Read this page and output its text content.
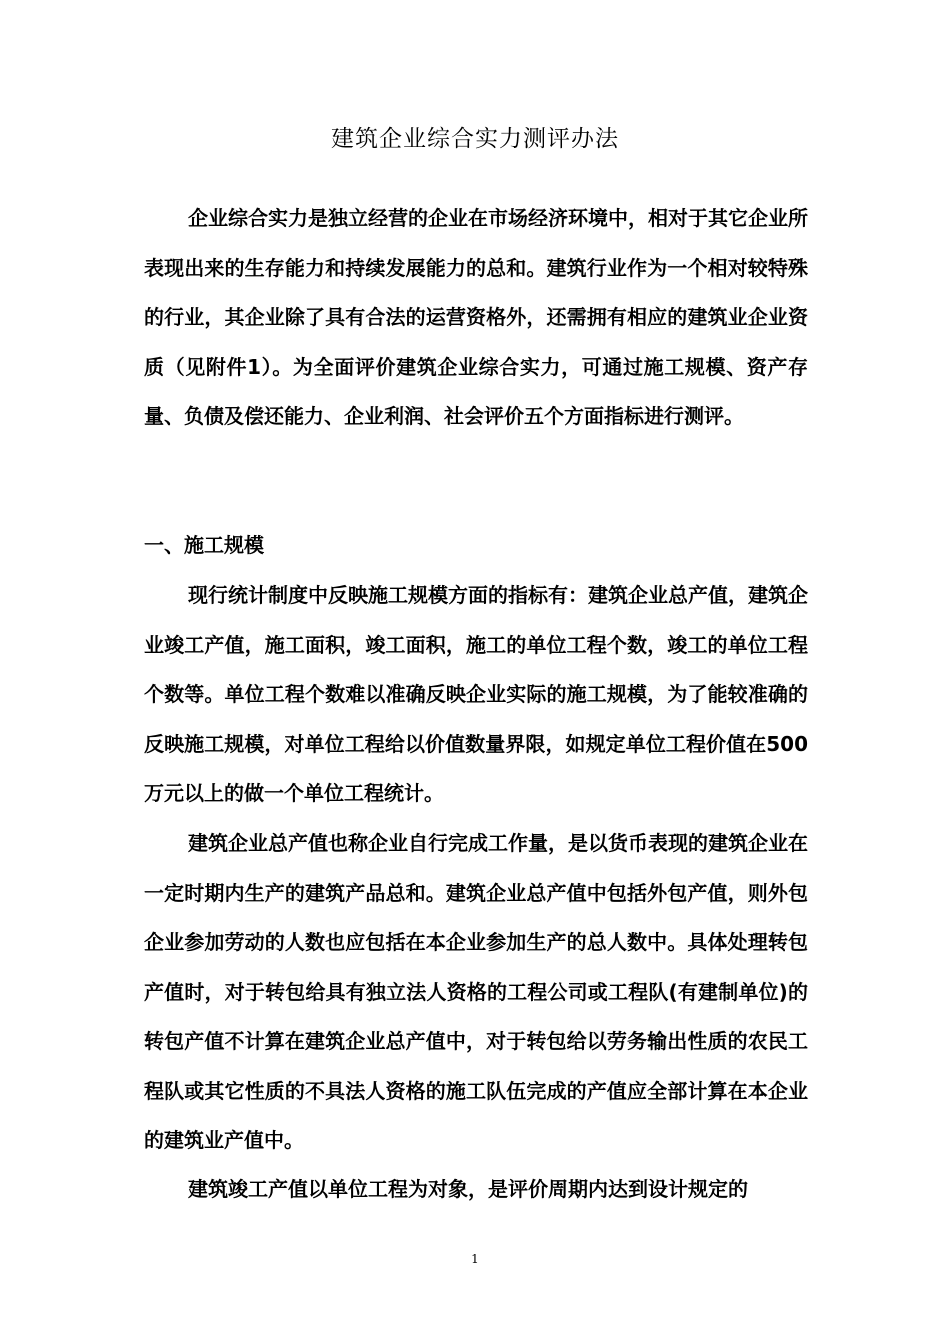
建筑企业综合实力测评办法

企业综合实力是独立经营的企业在市场经济环境中，相对于其它企业所表现出来的生存能力和持续发展能力的总和。建筑行业作为一个相对较特殊的行业，其企业除了具有合法的运营资格外，还需拥有相应的建筑业企业资质（见附件1）。为全面评价建筑企业综合实力，可通过施工规模、资产存量、负债及偿还能力、企业利润、社会评价五个方面指标进行测评。

一、施工规模

现行统计制度中反映施工规模方面的指标有：建筑企业总产值，建筑企业竣工产值，施工面积，竣工面积，施工的单位工程个数，竣工的单位工程个数等。单位工程个数难以准确反映企业实际的施工规模，为了能较准确的反映施工规模，对单位工程给以价值数量界限，如规定单位工程价值在500万元以上的做一个单位工程统计。

建筑企业总产值也称企业自行完成工作量，是以货币表现的建筑企业在一定时期内生产的建筑产品总和。建筑企业总产值中包括外包产值，则外包企业参加劳动的人数也应包括在本企业参加生产的总人数中。具体处理转包产值时，对于转包给具有独立法人资格的工程公司或工程队(有建制单位)的转包产值不计算在建筑企业总产值中，对于转包给以劳务输出性质的农民工程队或其它性质的不具法人资格的施工队伍完成的产值应全部计算在本企业的建筑业产值中。

建筑竣工产值以单位工程为对象，是评价周期内达到设计规定的

1
